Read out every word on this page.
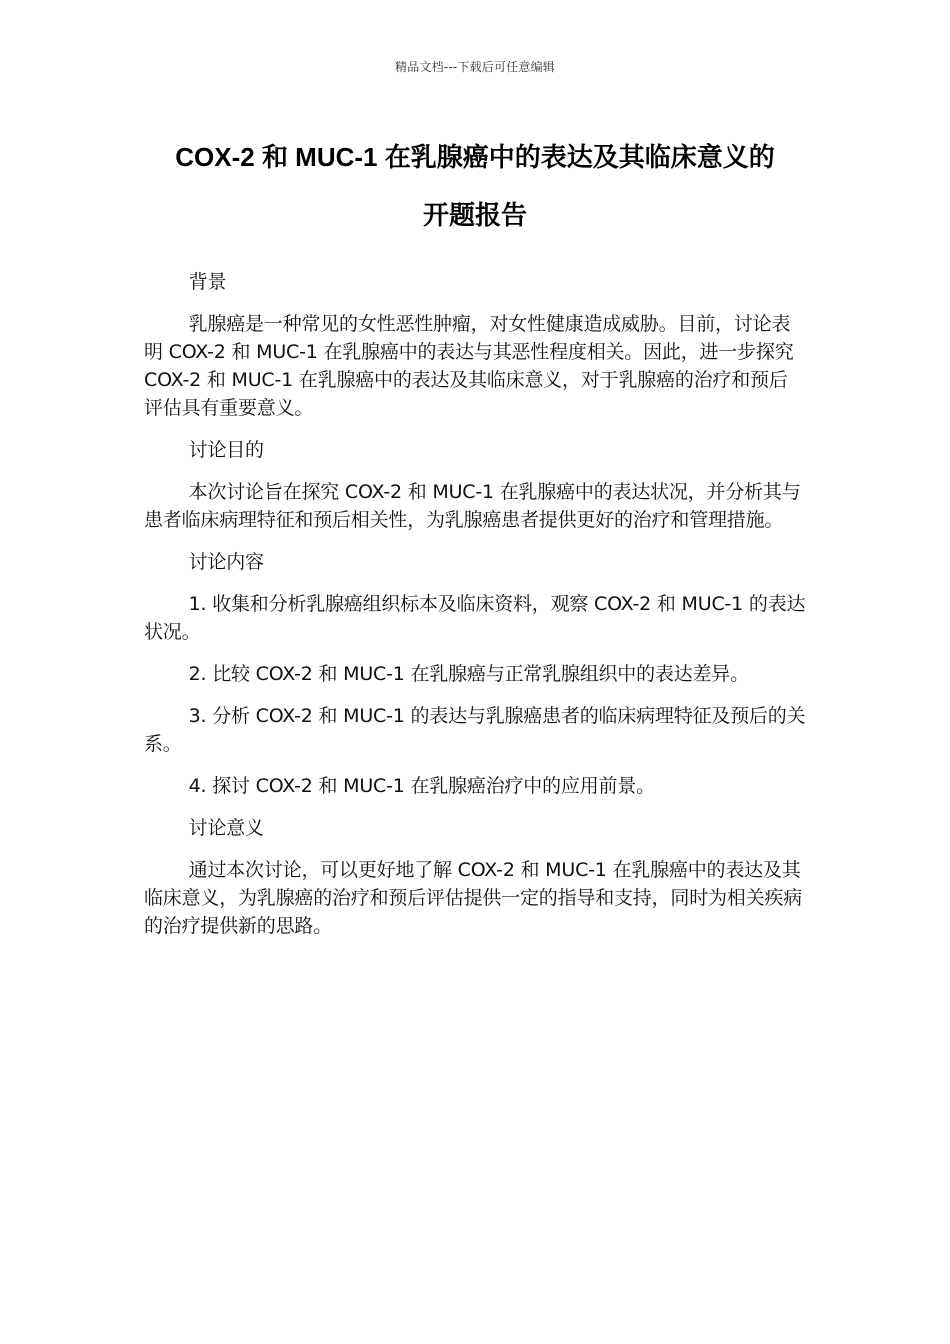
精品文档---下载后可任意编辑
COX-2 和 MUC-1 在乳腺癌中的表达及其临床意义的
开题报告

背景

乳腺癌是一种常见的女性恶性肿瘤，对女性健康造成威胁。目前，讨论表明 COX-2 和 MUC-1 在乳腺癌中的表达与其恶性程度相关。因此，进一步探究 COX-2 和 MUC-1 在乳腺癌中的表达及其临床意义，对于乳腺癌的治疗和预后评估具有重要意义。

讨论目的

本次讨论旨在探究 COX-2 和 MUC-1 在乳腺癌中的表达状况，并分析其与患者临床病理特征和预后相关性，为乳腺癌患者提供更好的治疗和管理措施。

讨论内容

1. 收集和分析乳腺癌组织标本及临床资料，观察 COX-2 和 MUC-1 的表达状况。

2. 比较 COX-2 和 MUC-1 在乳腺癌与正常乳腺组织中的表达差异。

3. 分析 COX-2 和 MUC-1 的表达与乳腺癌患者的临床病理特征及预后的关系。

4. 探讨 COX-2 和 MUC-1 在乳腺癌治疗中的应用前景。

讨论意义

通过本次讨论，可以更好地了解 COX-2 和 MUC-1 在乳腺癌中的表达及其临床意义，为乳腺癌的治疗和预后评估提供一定的指导和支持，同时为相关疾病的治疗提供新的思路。
